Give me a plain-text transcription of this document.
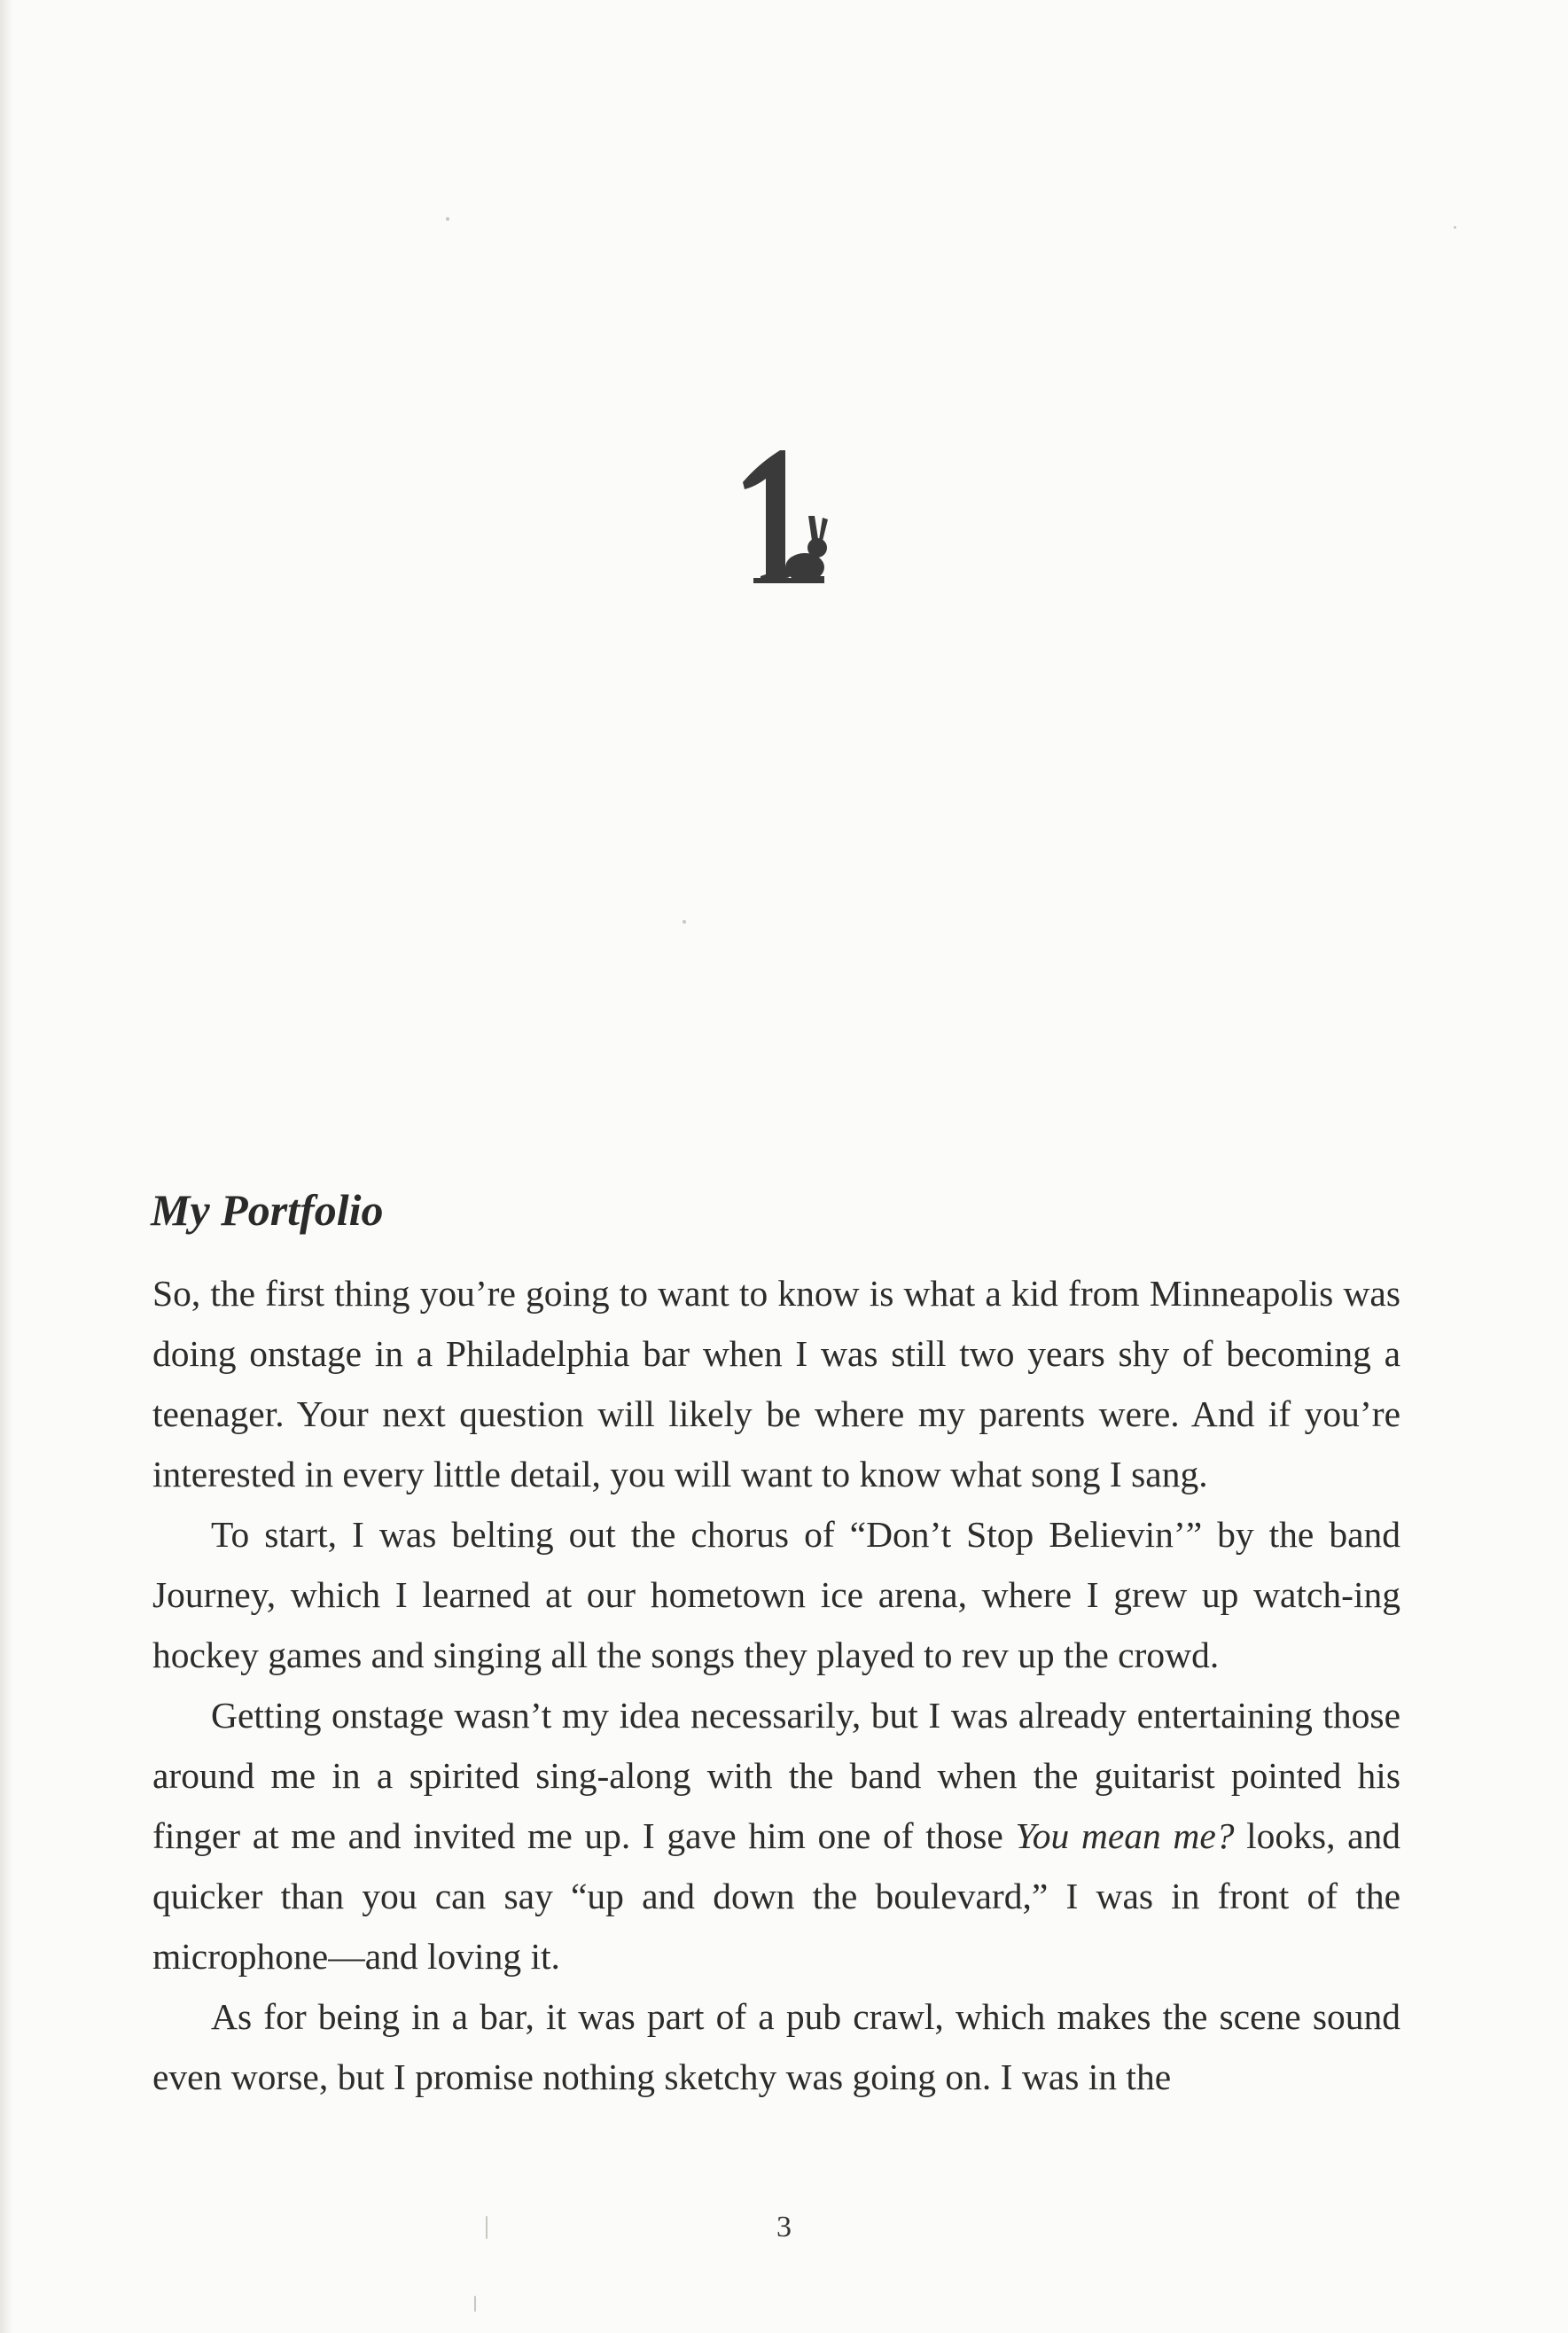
My Portfolio

So, the first thing you’re going to want to know is what a kid from Minneapolis was doing onstage in a Philadelphia bar when I was still two years shy of becoming a teenager. Your next question will likely be where my parents were. And if you’re interested in every little detail, you will want to know what song I sang.

To start, I was belting out the chorus of “Don’t Stop Believin’” by the band Journey, which I learned at our hometown ice arena, where I grew up watch-ing hockey games and singing all the songs they played to rev up the crowd.

Getting onstage wasn’t my idea necessarily, but I was already entertaining those around me in a spirited sing-along with the band when the guitarist pointed his finger at me and invited me up. I gave him one of those You mean me? looks, and quicker than you can say “up and down the boulevard,” I was in front of the microphone—and loving it.

As for being in a bar, it was part of a pub crawl, which makes the scene sound even worse, but I promise nothing sketchy was going on. I was in the

3
